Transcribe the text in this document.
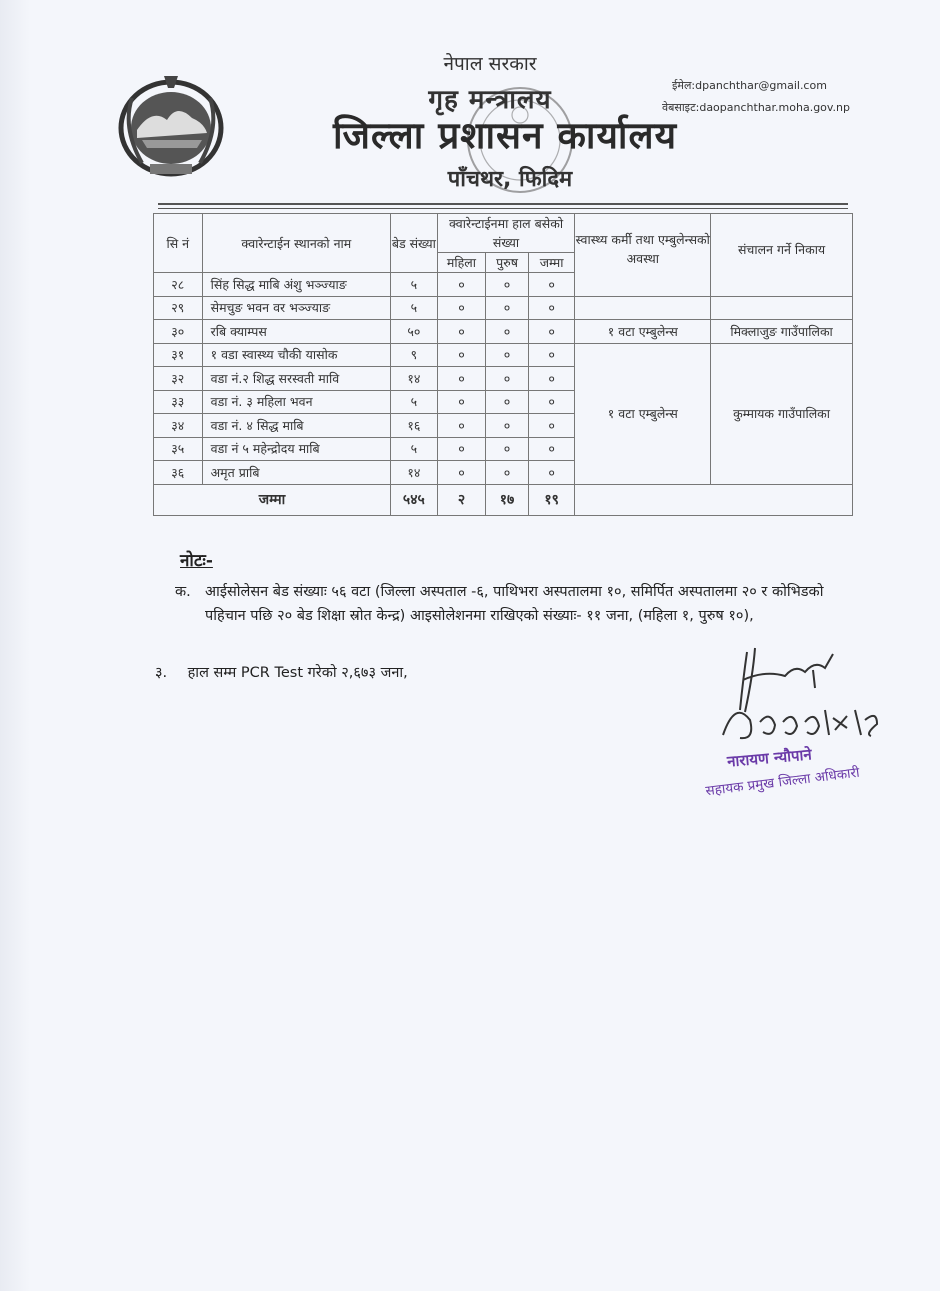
नेपाल सरकार
गृह मन्त्रालय
जिल्ला प्रशासन कार्यालय
पाँचथर, फिदिम
ईमेल:dpanchthar@gmail.com
वेबसाइट:daopanchthar.moha.gov.np
सि नं	क्वारेन्टाईन स्थानको नाम	बेड संख्या	क्वारेन्टाईनमा हाल बसेको संख्या			स्वास्थ्य कर्मी तथा एम्बुलेन्सको अवस्था	संचालन गर्ने निकाय
			महिला	पुरुष	जम्मा		
२८	सिंह सिद्ध माबि अंशु भञ्ज्याङ	५	०	०	०		
२९	सेमचुङ भवन वर भञ्ज्याङ	५	०	०	०		
३०	रबि क्याम्पस	५०	०	०	०	१ वटा एम्बुलेन्स	मिक्लाजुङ गाउँपालिका
३१	१ वडा स्वास्थ्य चौकी यासोक	९	०	०	०	१ वटा एम्बुलेन्स	कुम्मायक गाउँपालिका
३२	वडा नं.२ शिद्ध सरस्वती मावि	१४	०	०	०		
३३	वडा नं. ३ महिला भवन	५	०	०	०		
३४	वडा नं. ४ सिद्ध माबि	१६	०	०	०		
३५	वडा नं ५ महेन्द्रोदय माबि	५	०	०	०		
३६	अमृत प्राबि	१४	०	०	०		
जम्मा		५४५	२	१७	१९		
नोटः-
क. आईसोलेसन बेड संख्याः ५६ वटा (जिल्ला अस्पताल -६, पाथिभरा अस्पतालमा १०, समिर्पित अस्पतालमा २० र कोभिडको पहिचान पछि २० बेड शिक्षा स्रोत केन्द्र) आइसोलेशनमा राखिएको संख्याः- ११ जना, (महिला १, पुरुष १०),
३. हाल सम्म PCR Test गरेको २,६७३ जना,
नारायण न्यौपाने
सहायक प्रमुख जिल्ला अधिकारी
